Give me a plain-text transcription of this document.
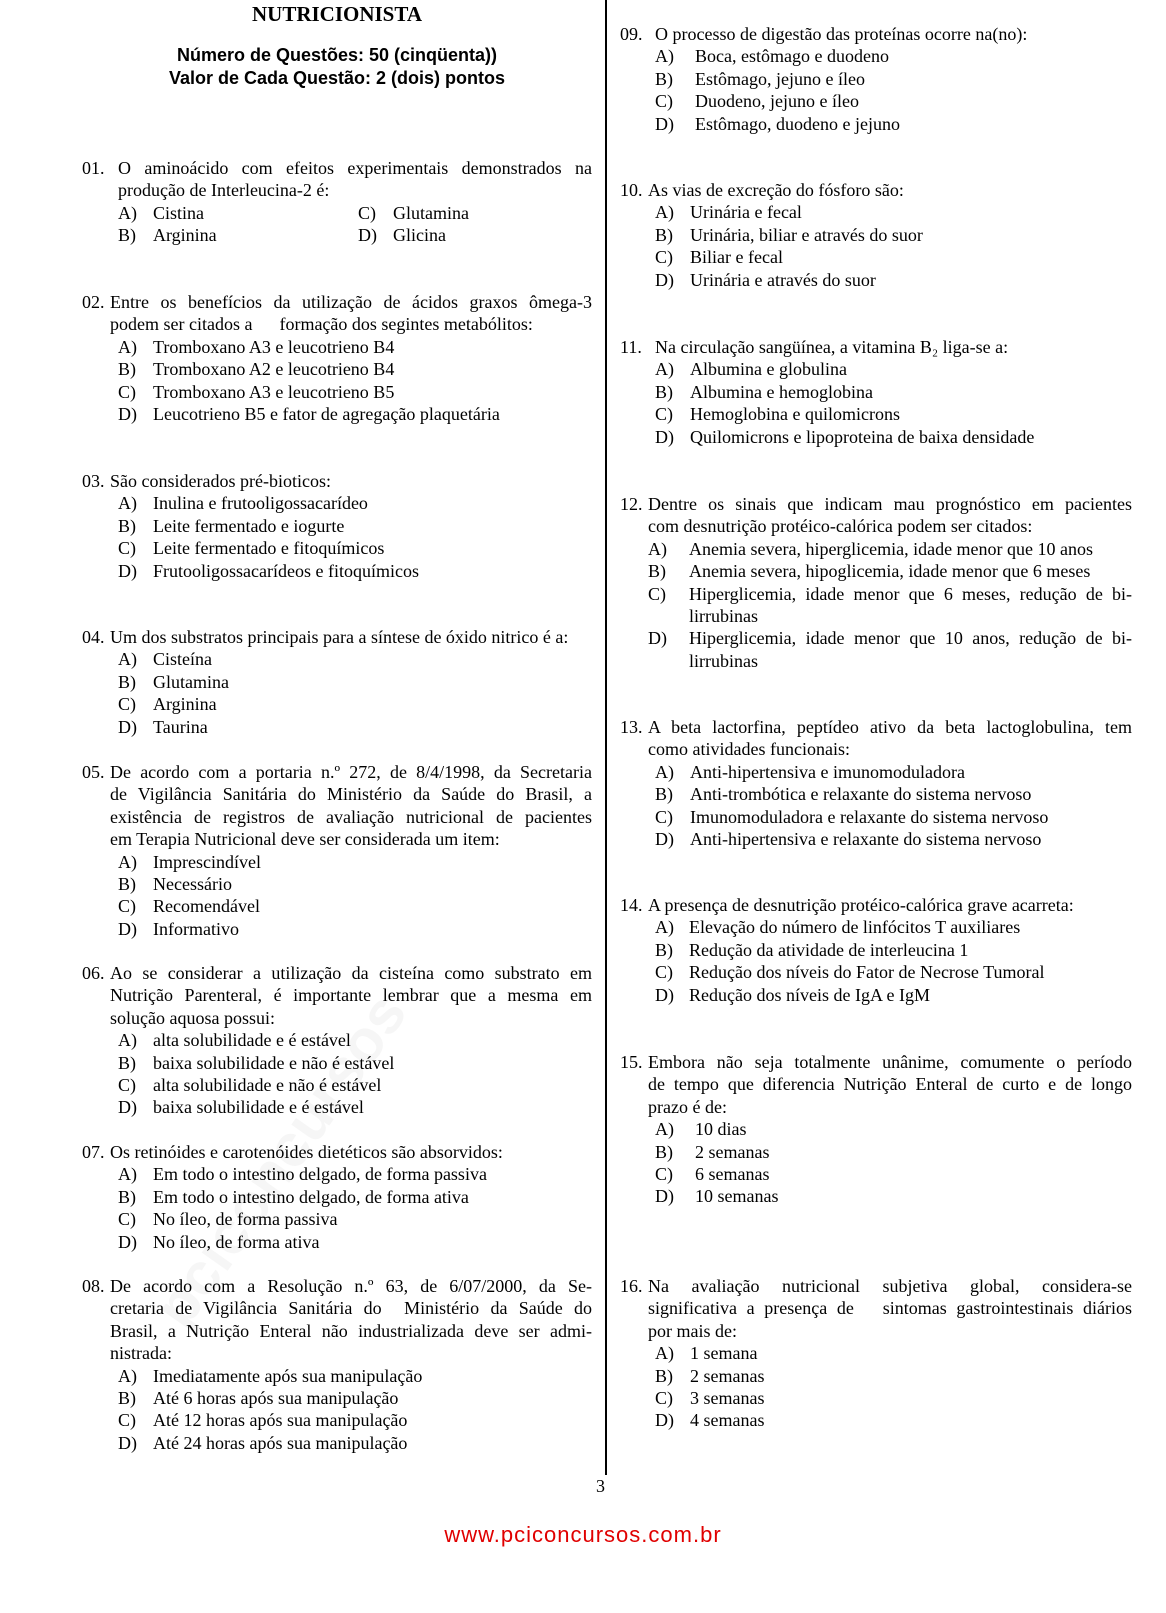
NUTRICIONISTA
Número de Questões: 50 (cinqüenta))
Valor de Cada Questão: 2 (dois) pontos
O aminoácido com efeitos experimentais demonstrados na
01.
produção de Interleucina-2 é:
A) Cistina	C) Glutamina
B) Arginina	D) Glicina
Entre os benefícios da utilização de ácidos graxos ômega-3
02.
podem ser citados a      formação dos segintes metabólitos:
A) Tromboxano A3 e leucotrieno B4
B) Tromboxano A2 e leucotrieno B4
C) Tromboxano A3 e leucotrieno B5
D) Leucotrieno B5 e fator de agregação plaquetária
São considerados pré-bioticos:
03.
A) Inulina e frutooligossacarídeo
B) Leite fermentado e iogurte
C) Leite fermentado e fitoquímicos
D) Frutooligossacarídeos e fitoquímicos
Um dos substratos principais para a síntese de óxido nitrico é a:
04.
A) Cisteína
B) Glutamina
C) Arginina
D) Taurina
De acordo com a portaria n.º 272, de 8/4/1998, da Secretaria
05.
de Vigilância Sanitária do Ministério da Saúde do Brasil, a
existência de registros de avaliação nutricional de pacientes
em Terapia Nutricional deve ser considerada um item:
A) Imprescindível
B) Necessário
C) Recomendável
D) Informativo
Ao se considerar a utilização da cisteína como substrato em
06.
Nutrição Parenteral, é importante lembrar que a mesma em
solução aquosa possui:
A) alta solubilidade e é estável
B) baixa solubilidade e não é estável
C) alta solubilidade e não é estável
D) baixa solubilidade e é estável
Os retinóides e carotenóides dietéticos são absorvidos:
07.
A) Em todo o intestino delgado, de forma passiva
B) Em todo o intestino delgado, de forma ativa
C) No íleo, de forma passiva
D) No íleo, de forma ativa
De acordo com a Resolução n.º 63, de 6/07/2000, da Se-
08.
cretaria de Vigilância Sanitária do  Ministério da Saúde do
Brasil, a Nutrição Enteral não industrializada deve ser admi-
nistrada:
A) Imediatamente após sua manipulação
B) Até 6 horas após sua manipulação
C) Até 12 horas após sua manipulação
D) Até 24 horas após sua manipulação
O processo de digestão das proteínas ocorre na(no):
09.
A)	Boca, estômago e duodeno
B)	Estômago, jejuno e íleo
C)	Duodeno, jejuno e íleo
D)	Estômago, duodeno e jejuno
As vias de excreção do fósforo são:
10.
A) Urinária e fecal
B) Urinária, biliar e através do suor
C) Biliar e fecal
D) Urinária e através do suor
Na circulação sangüínea, a vitamina B₂ liga-se a:
11.
A) Albumina e globulina
B) Albumina e hemoglobina
C) Hemoglobina e quilomicrons
D) Quilomicrons e lipoproteina de baixa densidade
Dentre os sinais que indicam mau prognóstico em pacientes
12.
com desnutrição protéico-calórica podem ser citados:
A)	Anemia severa, hiperglicemia, idade menor que 10 anos
B)	Anemia severa, hipoglicemia, idade menor que 6 meses
C)	Hiperglicemia, idade menor que 6 meses, redução de bi-
lirrubinas
D)	Hiperglicemia, idade menor que 10 anos, redução de bi-
lirrubinas
A beta lactorfina, peptídeo ativo da beta lactoglobulina, tem
13.
como atividades funcionais:
A) Anti-hipertensiva e imunomoduladora
B) Anti-trombótica e relaxante do sistema nervoso
C) Imunomoduladora e relaxante do sistema nervoso
D) Anti-hipertensiva e relaxante do sistema nervoso
A presença de desnutrição protéico-calórica grave acarreta:
14.
A) Elevação do número de linfócitos T auxiliares
B) Redução da atividade de interleucina 1
C) Redução dos níveis do Fator de Necrose Tumoral
D) Redução dos níveis de IgA e IgM
Embora não seja totalmente unânime, comumente o período
15.
de tempo que diferencia Nutrição Enteral de curto e de longo
prazo é de:
A)	10 dias
B)	2 semanas
C)	6 semanas
D)	10 semanas
Na avaliação nutricional subjetiva global, considera-se
16.
significativa a presença de   sintomas gastrointestinais diários
por mais de:
A) 1 semana
B) 2 semanas
C) 3 semanas
D) 4 semanas
3
www.pciconcursos.com.br
